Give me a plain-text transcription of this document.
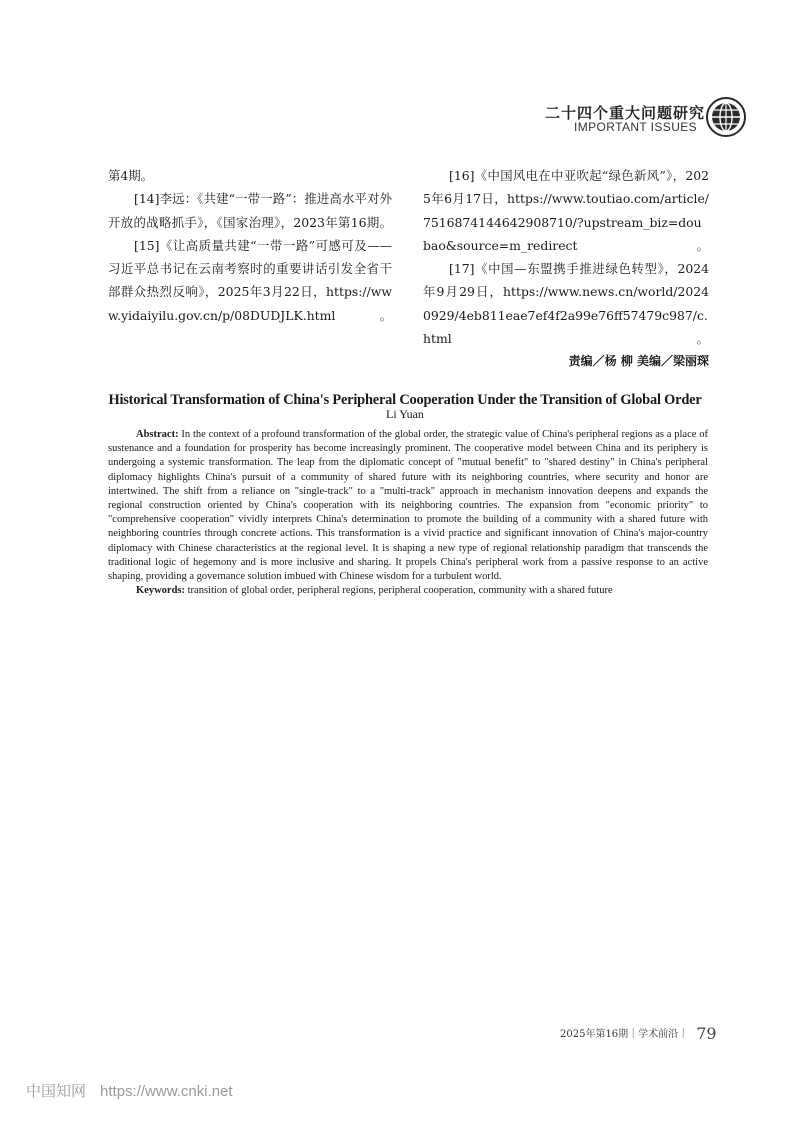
二十四个重大问题研究
IMPORTANT ISSUES

第4期。

[14]李远：《共建“一带一路”：推进高水平对外开放的战略抓手》，《国家治理》，2023年第16期。

[15]《让高质量共建“一带一路”可感可及——习近平总书记在云南考察时的重要讲话引发全省干部群众热烈反响》，2025年3月22日，https://www.yidaiyilu.gov.cn/p/08DUDJLK.html。

[16]《中国风电在中亚吹起“绿色新风”》，2025年6月17日，https://www.toutiao.com/article/7516874144642908710/?upstream_biz=doubao&source=m_redirect。

[17]《中国—东盟携手推进绿色转型》，2024年9月29日，https://www.news.cn/world/20240929/4eb811eae7ef4f2a99e76ff57479c987/c.html。

责编／杨 柳 美编／梁丽琛

Historical Transformation of China's Peripheral Cooperation Under the Transition of Global Order
Li Yuan

Abstract: In the context of a profound transformation of the global order, the strategic value of China's peripheral regions as a place of sustenance and a foundation for prosperity has become increasingly prominent. The cooperative model between China and its periphery is undergoing a systemic transformation. The leap from the diplomatic concept of "mutual benefit" to "shared destiny" in China's peripheral diplomacy highlights China's pursuit of a community of shared future with its neighboring countries, where security and honor are intertwined. The shift from a reliance on "single-track" to a "multi-track" approach in mechanism innovation deepens and expands the regional construction oriented by China's cooperation with its neighboring countries. The expansion from "economic priority" to "comprehensive cooperation" vividly interprets China's determination to promote the building of a community with a shared future with neighboring countries through concrete actions. This transformation is a vivid practice and significant innovation of China's major-country diplomacy with Chinese characteristics at the regional level. It is shaping a new type of regional relationship paradigm that transcends the traditional logic of hegemony and is more inclusive and sharing. It propels China's peripheral work from a passive response to an active shaping, providing a governance solution imbued with Chinese wisdom for a turbulent world.

Keywords: transition of global order, peripheral regions, peripheral cooperation, community with a shared future

2025年第16期｜学术前沿｜ 79
中国知网 https://www.cnki.net
